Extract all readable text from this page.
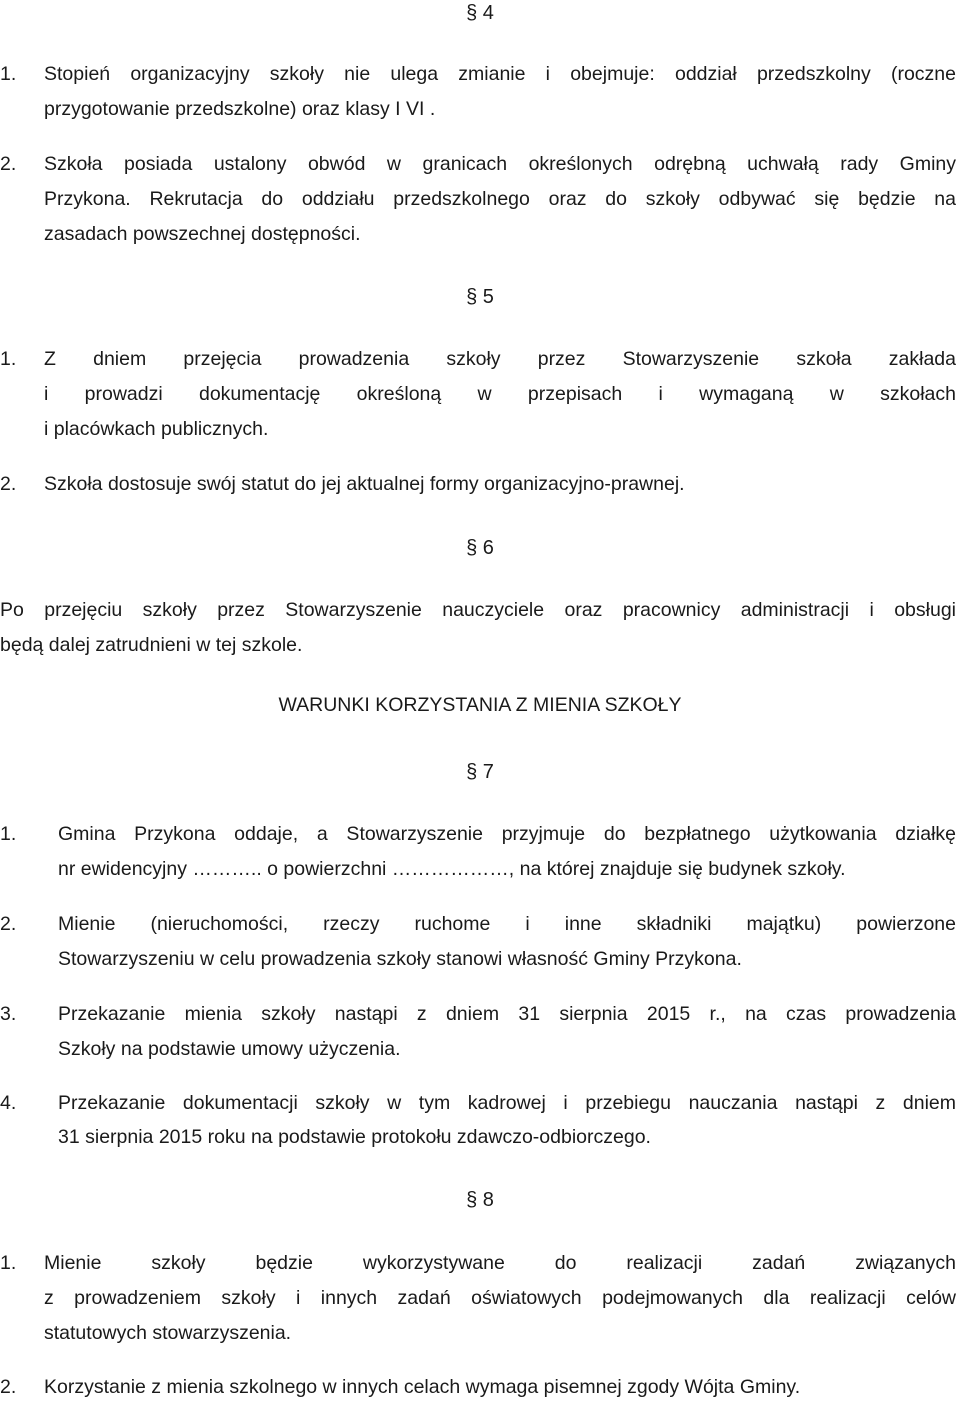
§ 4
1. Stopień organizacyjny szkoły nie ulega zmianie i obejmuje: oddział przedszkolny (roczne
przygotowanie przedszkolne) oraz klasy I VI .
2. Szkoła posiada ustalony obwód w granicach określonych odrębną uchwałą rady Gminy
Przykona. Rekrutacja do oddziału przedszkolnego oraz do szkoły odbywać się będzie na
zasadach powszechnej dostępności.
§ 5
1. Z dniem przejęcia prowadzenia szkoły przez Stowarzyszenie szkoła zakłada
i prowadzi dokumentację określoną w przepisach i wymaganą w szkołach
i placówkach publicznych.
2. Szkoła dostosuje swój statut do jej aktualnej formy organizacyjno-prawnej.
§ 6
Po przejęciu szkoły przez Stowarzyszenie nauczyciele oraz pracownicy administracji i obsługi
będą dalej zatrudnieni w tej szkole.
WARUNKI KORZYSTANIA Z MIENIA SZKOŁY
§ 7
1. Gmina Przykona oddaje, a Stowarzyszenie przyjmuje do bezpłatnego użytkowania działkę
nr ewidencyjny ……….. o powierzchni ………………, na której znajduje się budynek szkoły.
2. Mienie (nieruchomości, rzeczy ruchome i inne składniki majątku) powierzone
Stowarzyszeniu w celu prowadzenia szkoły stanowi własność Gminy Przykona.
3. Przekazanie mienia szkoły nastąpi z dniem 31 sierpnia 2015 r., na czas prowadzenia
Szkoły na podstawie umowy użyczenia.
4. Przekazanie dokumentacji szkoły w tym kadrowej i przebiegu nauczania nastąpi z dniem
31 sierpnia 2015 roku na podstawie protokołu zdawczo-odbiorczego.
§ 8
1. Mienie szkoły będzie wykorzystywane do realizacji zadań związanych
z prowadzeniem szkoły i innych zadań oświatowych podejmowanych dla realizacji celów
statutowych stowarzyszenia.
2. Korzystanie z mienia szkolnego w innych celach wymaga pisemnej zgody Wójta Gminy.
